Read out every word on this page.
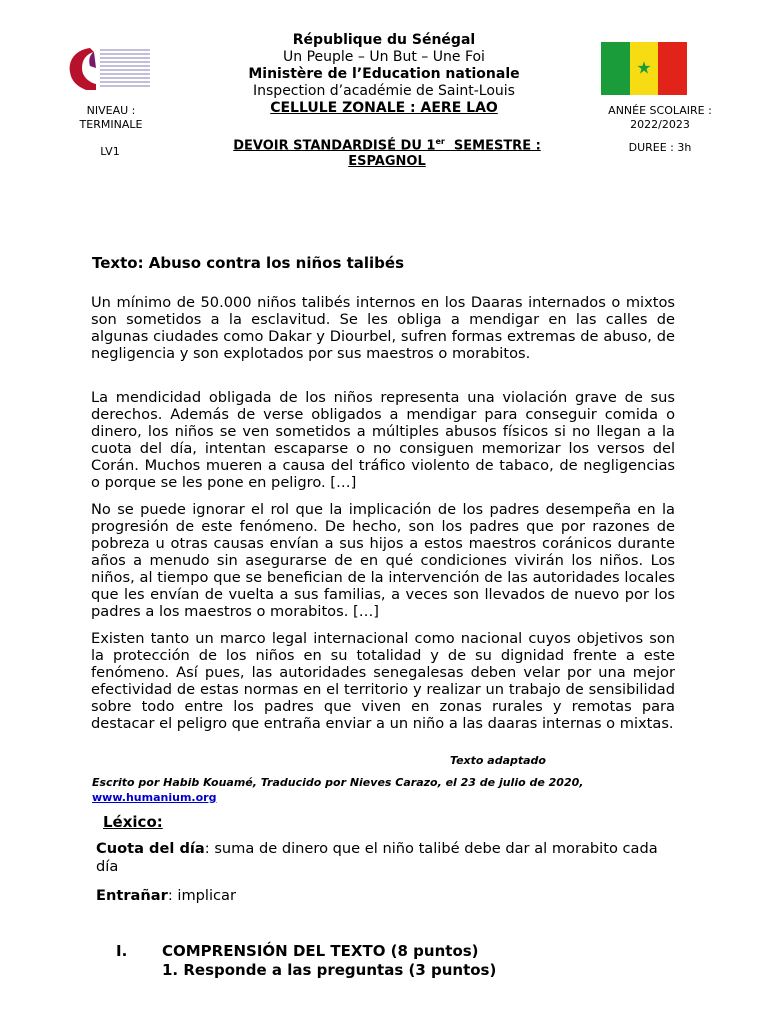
République du Sénégal
Un Peuple – Un But – Une Foi
Ministère de l’Education nationale
Inspection d’académie de Saint-Louis
CELLULE ZONALE : AERE LAO
★
NIVEAU :
TERMINALE
LV1
ANNÉE SCOLAIRE :
2022/2023
DUREE : 3h
DEVOIR STANDARDISÉ DU 1er  SEMESTRE :
ESPAGNOL
Texto: Abuso contra los niños talibés

Un mínimo de 50.000 niños talibés internos en los Daaras internados o mixtos son sometidos a la esclavitud. Se les obliga a mendigar en las calles de algunas ciudades como Dakar y Diourbel, sufren formas extremas de abuso, de negligencia y son explotados por sus maestros o morabitos.

La mendicidad obligada de los niños representa una violación grave de sus derechos. Además de verse obligados a mendigar para conseguir comida o dinero, los niños se ven sometidos a múltiples abusos físicos si no llegan a la cuota del día, intentan escaparse o no consiguen memorizar los versos del Corán. Muchos mueren a causa del tráfico violento de tabaco, de negligencias o porque se les pone en peligro. […]

No se puede ignorar el rol que la implicación de los padres desempeña en la progresión de este fenómeno. De hecho, son los padres que por razones de pobreza u otras causas envían a sus hijos a estos maestros coránicos durante años a menudo sin asegurarse de en qué condiciones vivirán los niños. Los niños, al tiempo que se benefician de la intervención de las autoridades locales que les envían de vuelta a sus familias, a veces son llevados de nuevo por los padres a los maestros o morabitos. […]

Existen tanto un marco legal internacional como nacional cuyos objetivos son la protección de los niños en su totalidad y de su dignidad frente a este fenómeno. Así pues, las autoridades senegalesas deben velar por una mejor efectividad de estas normas en el territorio y realizar un trabajo de sensibilidad sobre todo entre los padres que viven en zonas rurales y remotas para destacar el peligro que entraña enviar a un niño a las daaras internas o mixtas.

Texto adaptado
Escrito por Habib Kouamé, Traducido por Nieves Carazo, el 23 de julio de 2020,
www.humanium.org
Léxico:
Cuota del día: suma de dinero que el niño talibé debe dar al morabito cada día
Entrañar: implicar
I. COMPRENSIÓN DEL TEXTO (8 puntos)
1. Responde a las preguntas (3 puntos)
